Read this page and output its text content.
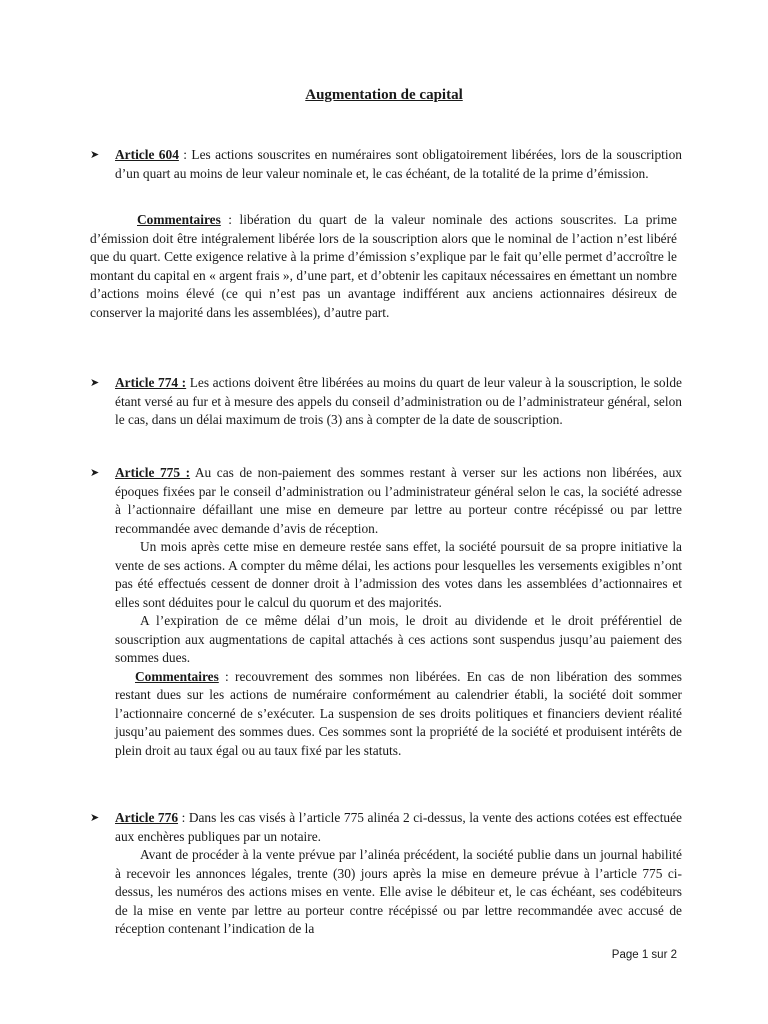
Augmentation de capital
➤	Article 604 : Les actions souscrites en numéraires sont obligatoirement libérées, lors de la souscription d’un quart au moins de leur valeur nominale et, le cas échéant, de la totalité de la prime d’émission.

Commentaires : libération du quart de la valeur nominale des actions souscrites. La prime d’émission doit être intégralement libérée lors de la souscription alors que le nominal de l’action n’est libéré que du quart. Cette exigence relative à la prime d’émission s’explique par le fait qu’elle permet d’accroître le montant du capital en « argent frais », d’une part, et d’obtenir les capitaux nécessaires en émettant un nombre d’actions moins élevé (ce qui n’est pas un avantage indifférent aux anciens actionnaires désireux de conserver la majorité dans les assemblées), d’autre part.

➤	Article 774 : Les actions doivent être libérées au moins du quart de leur valeur à la souscription, le solde étant versé au fur et à mesure des appels du conseil d’administration ou de l’administrateur général, selon le cas, dans un délai maximum de trois (3) ans à compter de la date de souscription.

➤	Article 775 : Au cas de non-paiement des sommes restant à verser sur les actions non libérées, aux époques fixées par le conseil d’administration ou l’administrateur général selon le cas, la société adresse à l’actionnaire défaillant une mise en demeure par lettre au porteur contre récépissé ou par lettre recommandée avec demande d’avis de réception.

Un mois après cette mise en demeure restée sans effet, la société poursuit de sa propre initiative la vente de ses actions. A compter du même délai, les actions pour lesquelles les versements exigibles n’ont pas été effectués cessent de donner droit à l’admission des votes dans les assemblées d’actionnaires et elles sont déduites pour le calcul du quorum et des majorités.

A l’expiration de ce même délai d’un mois, le droit au dividende et le droit préférentiel de souscription aux augmentations de capital attachés à ces actions sont suspendus jusqu’au paiement des sommes dues.

Commentaires : recouvrement des sommes non libérées. En cas de non libération des sommes restant dues sur les actions de numéraire conformément au calendrier établi, la société doit sommer l’actionnaire concerné de s’exécuter. La suspension de ses droits politiques et financiers devient réalité jusqu’au paiement des sommes dues. Ces sommes sont la propriété de la société et produisent intérêts de plein droit au taux égal ou au taux fixé par les statuts.

➤	Article 776 : Dans les cas visés à l’article 775 alinéa 2 ci-dessus, la vente des actions cotées est effectuée aux enchères publiques par un notaire.

Avant de procéder à la vente prévue par l’alinéa précédent, la société publie dans un journal habilité à recevoir les annonces légales, trente (30) jours après la mise en demeure prévue à l’article 775 ci-dessus, les numéros des actions mises en vente. Elle avise le débiteur et, le cas échéant, ses codébiteurs de la mise en vente par lettre au porteur contre récépissé ou par lettre recommandée avec accusé de réception contenant l’indication de la

Page 1 sur 2
